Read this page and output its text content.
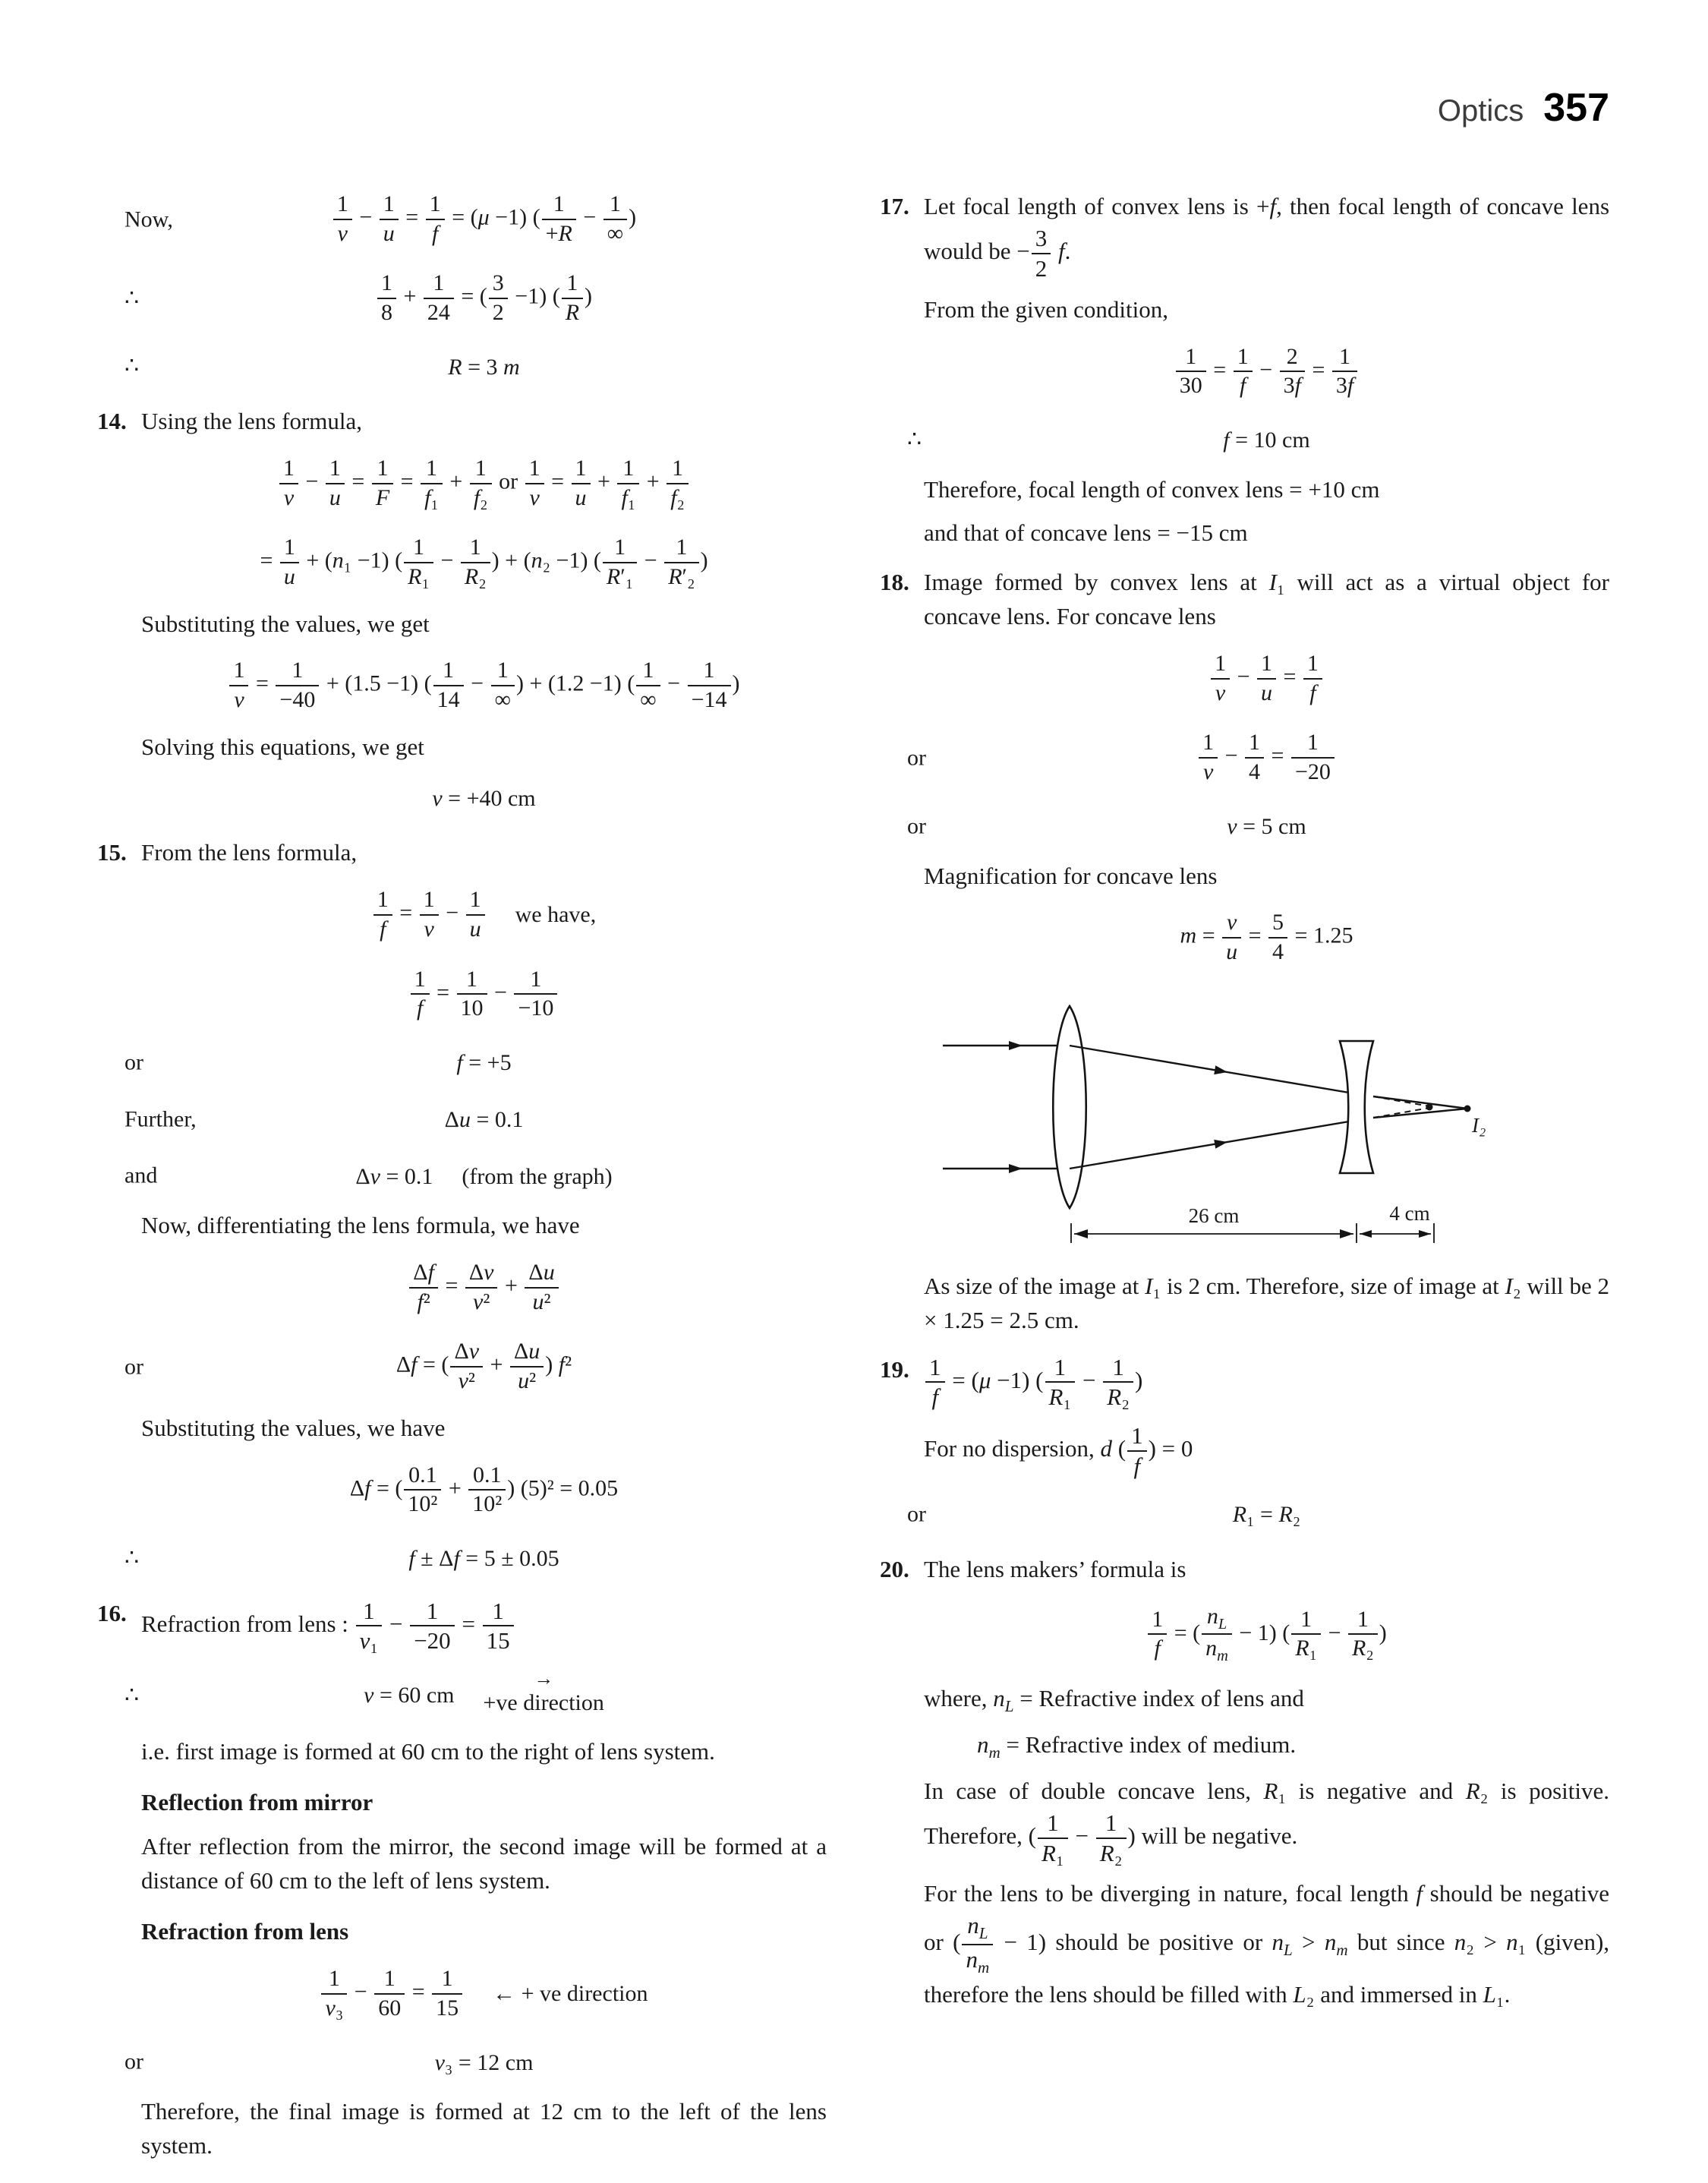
Optics 357
Now,	$\frac{1}{v} - \frac{1}{u} = \frac{1}{f} = (\mu -1)$ ( $\frac{1}{+R} - \frac{1}{\infty}$ )
∴	$\frac{1}{8} + \frac{1}{24}$ = ( $\frac{3}{2} -1$) ( $\frac{1}{R}$ )
∴	R = 3 m
14. Using the lens formula,
$\frac{1}{v} - \frac{1}{u} = \frac{1}{F} = \frac{1}{\text{f₁}} + \frac{1}{\text{f₂}}$ or $\frac{1}{v} = \frac{1}{u} + \frac{1}{\text{f₁}} + \frac{1}{\text{f₂}}$
= $\frac{1}{u} + (n_1 -1)$ ( $\frac{1}{\text{R₁}} - \frac{1}{\text{R₂}}$ ) + (n₂ −1) ( $\frac{1}{\text{R′₁}} - \frac{1}{\text{R′₂}}$ )
Substituting the values, we get
$\frac{1}{v} = \frac{1}{-40} + (1.5 -1)$ ( $\frac{1}{14} - \frac{1}{\infty}$ ) + (1.2 −1) ( $\frac{1}{\infty} - \frac{1}{-14}$ )
Solving this equations, we get
v = +40 cm
15. From the lens formula,
$\frac{1}{f} = \frac{1}{v} - \frac{1}{u}$ we have,
$\frac{1}{f} = \frac{1}{10} - \frac{1}{-10}$
or	f = +5
Further,	Δu = 0.1
and	Δv = 0.1 (from the graph)
Now, differentiating the lens formula, we have
$\frac{\Delta f}{\text{f²}} = \frac{\Delta v}{\text{v²}} + \frac{\Delta u}{\text{u²}}$
or	Δf = ( $\frac{\Delta v}{\text{v²}} + \frac{\Delta u}{\text{u²}}$ ) f²
Substituting the values, we have
Δf = ( $\frac{0.1}{\text{10²}} + \frac{0.1}{\text{10²}}$ ) (5)² = 0.05
∴	f ± Δf = 5 ± 0.05
16. Refraction from lens : $\frac{1}{\text{v₁}} - \frac{1}{-20} = \frac{1}{15}$
∴	v = 60 cm
→
+ve direction
i.e. first image is formed at 60 cm to the right of lens system.
Reflection from mirror
After reflection from the mirror, the second image will be formed at a distance of 60 cm to the left of lens system.
Refraction from lens
$\frac{1}{\text{v₃}} - \frac{1}{60} = \frac{1}{15}$ ← + ve direction
or	v₃ = 12 cm
Therefore, the final image is formed at 12 cm to the left of the lens system.
17. Let focal length of convex lens is +f, then focal length of concave lens would be − $\frac{3}{2} f$.
From the given condition,
$\frac{1}{30} = \frac{1}{f} - \frac{2}{3f} = \frac{1}{3f}$
∴	f = 10 cm
Therefore, focal length of convex lens = +10 cm
and that of concave lens = −15 cm
18. Image formed by convex lens at I₁ will act as a virtual object for concave lens. For concave lens
$\frac{1}{v} - \frac{1}{u} = \frac{1}{f}$
or	$\frac{1}{v} - \frac{1}{4} = \frac{1}{-20}$
or	v = 5 cm
Magnification for concave lens
$m = \frac{v}{u} = \frac{5}{4} = 1.25$
I₂
26 cm	4 cm
As size of the image at I₁ is 2 cm. Therefore, size of image at I₂ will be 2 × 1.25 = 2.5 cm.
19. $\frac{1}{f} = (\mu -1)$ ( $\frac{1}{\text{R₁}} - \frac{1}{\text{R₂}}$ )
For no dispersion, d ( $\frac{1}{f}$ ) = 0
or	R₁ = R₂
20. The lens makers’ formula is
$\frac{1}{f}$ = ( $\frac{n_L}{n_m} - 1$) ( $\frac{1}{\text{R₁}} - \frac{1}{\text{R₂}}$ )
where, $n_L$ = Refractive index of lens and
$n_m$ = Refractive index of medium.
In case of double concave lens, R₁ is negative and R₂ is positive. Therefore, ( $\frac{1}{\text{R₁}} - \frac{1}{\text{R₂}}$ ) will be negative.
For the lens to be diverging in nature, focal length f should be negative or ( $\frac{n_L}{n_m} - 1$) should be positive or $n_L > n_m$ but since n₂ > n₁ (given), therefore the lens should be filled with L₂ and immersed in L₁.
